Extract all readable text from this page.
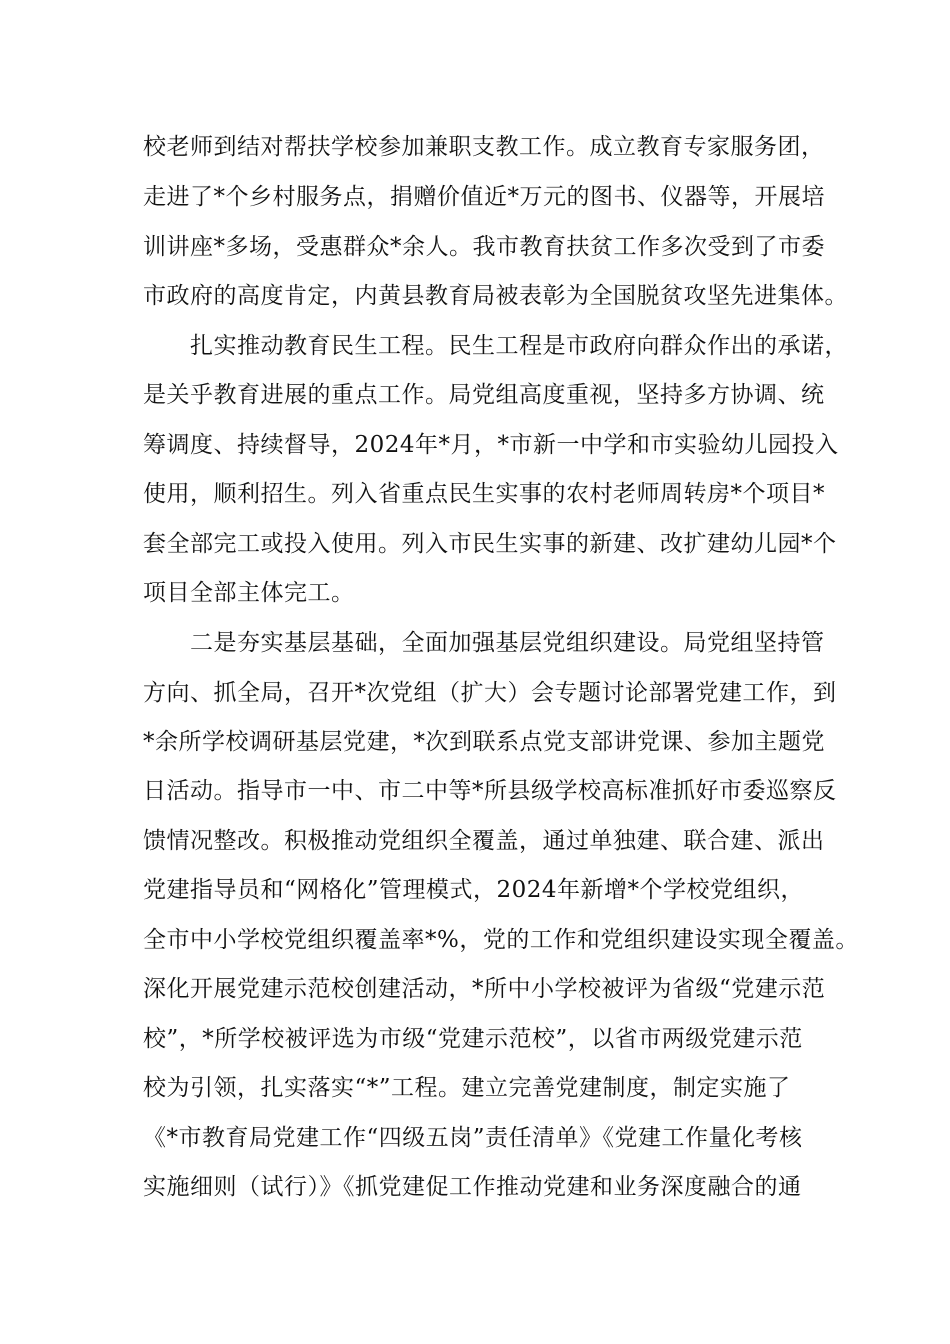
校老师到结对帮扶学校参加兼职支教工作。成立教育专家服务团，
走进了*个乡村服务点，捐赠价值近*万元的图书、仪器等，开展培
训讲座*多场，受惠群众*余人。我市教育扶贫工作多次受到了市委
市政府的高度肯定，内黄县教育局被表彰为全国脱贫攻坚先进集体。
扎实推动教育民生工程。民生工程是市政府向群众作出的承诺，
是关乎教育进展的重点工作。局党组高度重视，坚持多方协调、统
筹调度、持续督导，2024年*月，*市新一中学和市实验幼儿园投入
使用，顺利招生。列入省重点民生实事的农村老师周转房*个项目*
套全部完工或投入使用。列入市民生实事的新建、改扩建幼儿园*个
项目全部主体完工。
二是夯实基层基础，全面加强基层党组织建设。局党组坚持管
方向、抓全局，召开*次党组（扩大）会专题讨论部署党建工作，到
*余所学校调研基层党建，*次到联系点党支部讲党课、参加主题党
日活动。指导市一中、市二中等*所县级学校高标准抓好市委巡察反
馈情况整改。积极推动党组织全覆盖，通过单独建、联合建、派出
党建指导员和“网格化”管理模式，2024年新增*个学校党组织，
全市中小学校党组织覆盖率*%，党的工作和党组织建设实现全覆盖。
深化开展党建示范校创建活动，*所中小学校被评为省级“党建示范
校”，*所学校被评选为市级“党建示范校”，以省市两级党建示范
校为引领，扎实落实“*”工程。建立完善党建制度，制定实施了
《*市教育局党建工作“四级五岗”责任清单》《党建工作量化考核
实施细则（试行）》《抓党建促工作推动党建和业务深度融合的通
